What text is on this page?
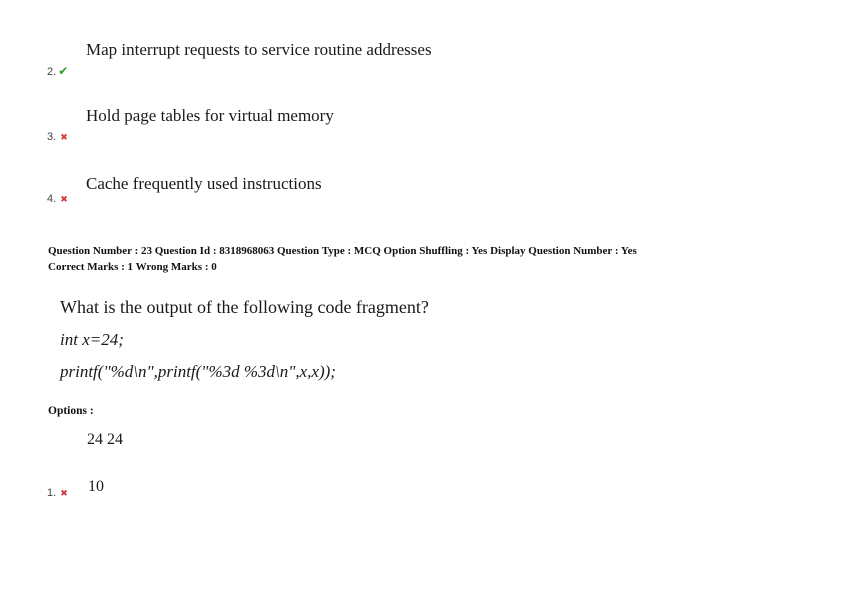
Map interrupt requests to service routine addresses
2. ✔
Hold page tables for virtual memory
3. ✖
Cache frequently used instructions
4. ✖
Question Number : 23 Question Id : 8318968063 Question Type : MCQ Option Shuffling : Yes Display Question Number : Yes
Correct Marks : 1 Wrong Marks : 0
What is the output of the following code fragment?
int x=24;
printf("%d\n",printf("%3d %3d\n",x,x));
Options :
24 24
10
1. ✖
